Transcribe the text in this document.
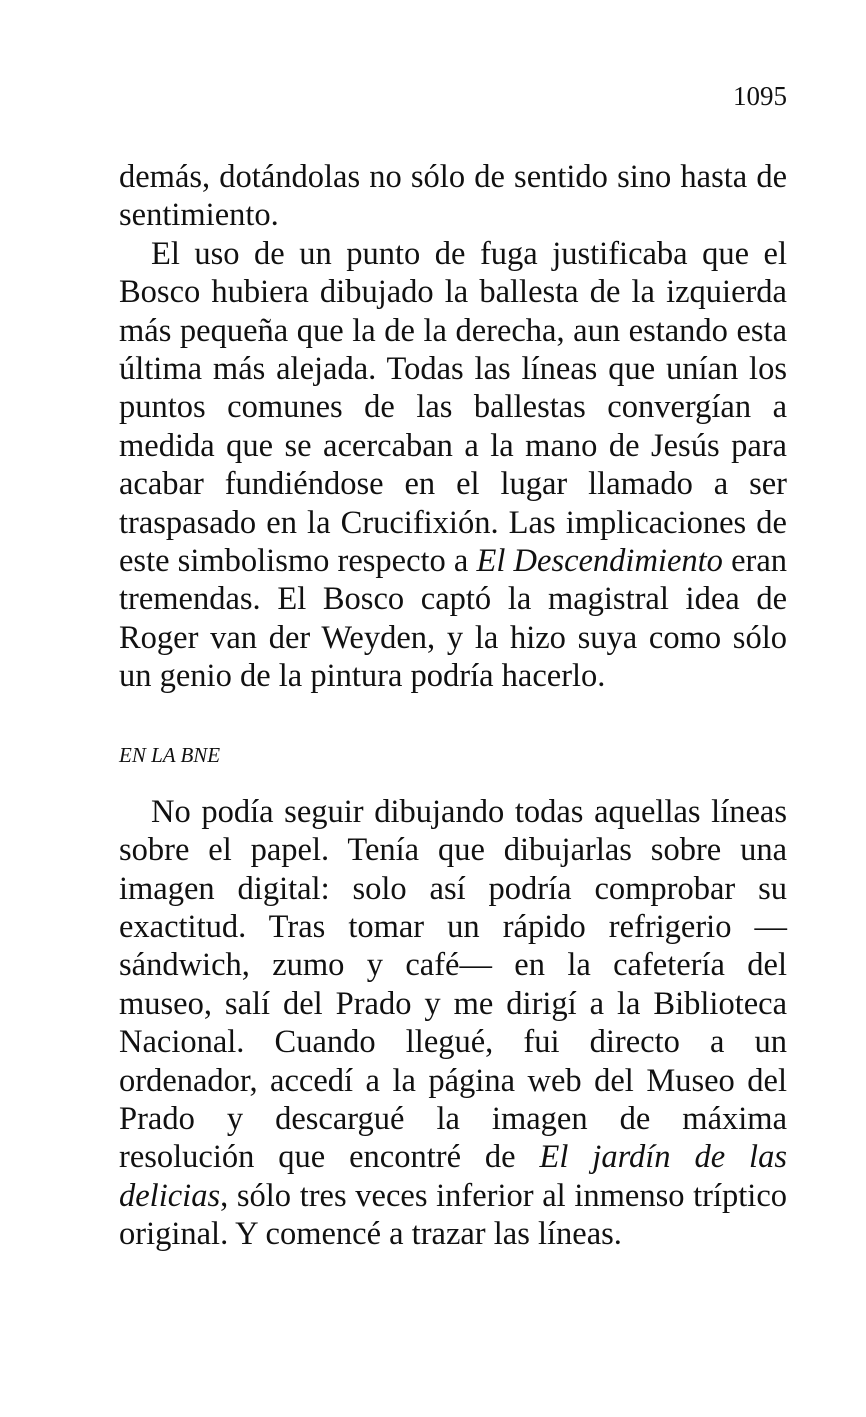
1095

demás, dotándolas no sólo de sentido sino hasta de sentimiento.

El uso de un punto de fuga justificaba que el Bosco hubiera dibujado la ballesta de la izquierda más pequeña que la de la derecha, aun estando esta última más alejada. Todas las líneas que unían los puntos comunes de las ballestas convergían a medida que se acercaban a la mano de Jesús para acabar fundiéndose en el lugar llamado a ser traspasado en la Crucifixión. Las implicaciones de este simbolismo respecto a El Descendimiento eran tremendas. El Bosco captó la magistral idea de Roger van der Weyden, y la hizo suya como sólo un genio de la pintura podría hacerlo.

EN LA BNE

No podía seguir dibujando todas aquellas líneas sobre el papel. Tenía que dibujarlas sobre una imagen digital: solo así podría comprobar su exactitud. Tras tomar un rápido refrigerio —sándwich, zumo y café— en la cafetería del museo, salí del Prado y me dirigí a la Biblioteca Nacional. Cuando llegué, fui directo a un ordenador, accedí a la página web del Museo del Prado y descargué la imagen de máxima resolución que encontré de El jardín de las delicias, sólo tres veces inferior al inmenso tríptico original. Y comencé a trazar las líneas.
